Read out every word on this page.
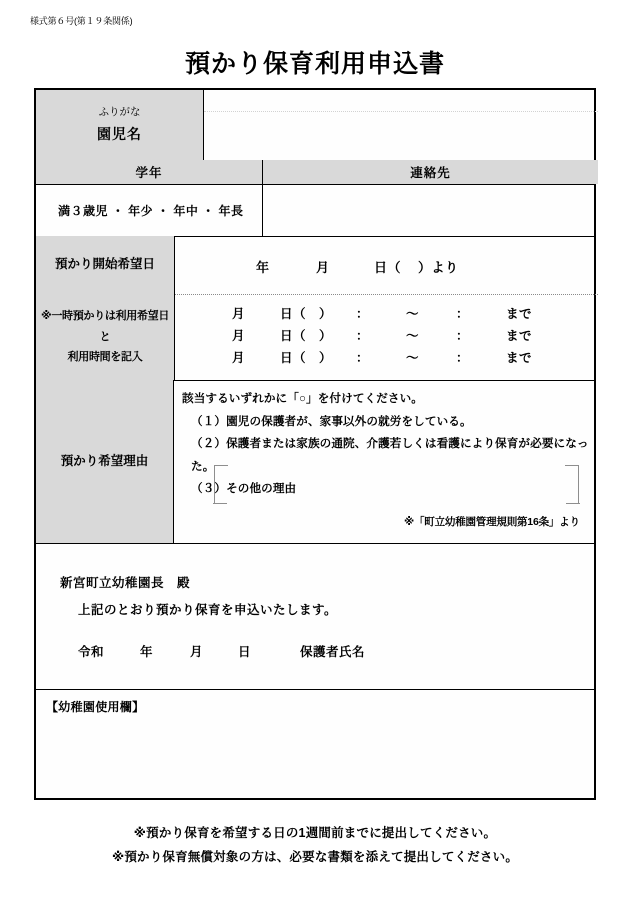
様式第６号(第１９条関係)
預かり保育利用申込書
ふりがな
園児名
学年	連絡先
満３歳児 ・ 年少 ・ 年中 ・ 年長
預かり開始希望日	年	月	日（ ）より
※一時預かりは利用希望日と
利用時間を記入
月	日（　） ：	～	：	まで
月	日（　） ：	～	：	まで
月	日（　） ：	～	：	まで
預かり希望理由
該当するいずれかに「○」を付けてください。
（１）園児の保護者が、家事以外の就労をしている。
（２）保護者または家族の通院、介護若しくは看護により保育が必要になった。
（３）その他の理由
※「町立幼稚園管理規則第16条」より
新宮町立幼稚園長　殿
上記のとおり預かり保育を申込いたします。
令和	年	月	日	保護者氏名
【幼稚園使用欄】
※預かり保育を希望する日の1週間前までに提出してください。
※預かり保育無償対象の方は、必要な書類を添えて提出してください。
